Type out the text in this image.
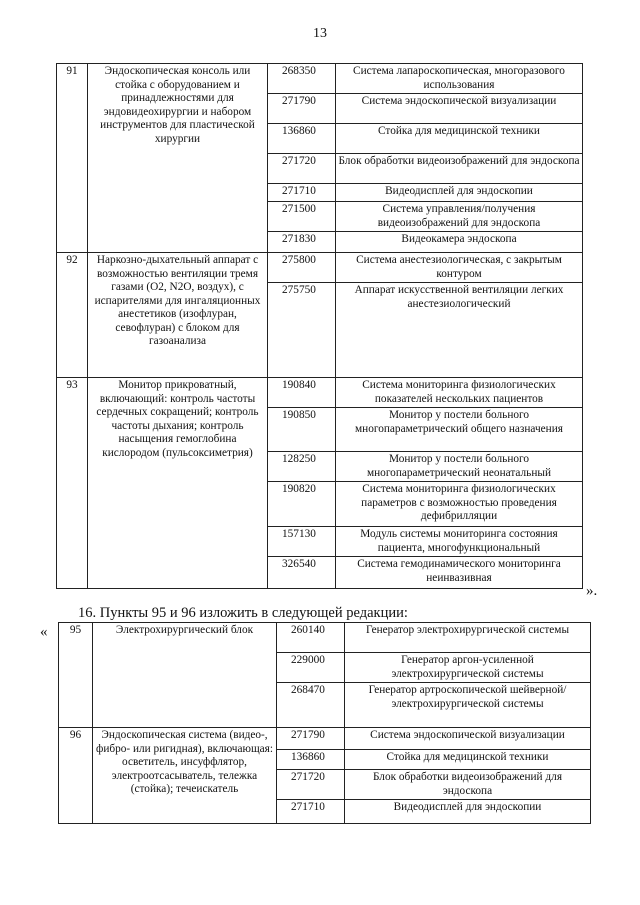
13
91	Эндоскопическая консоль или стойка с оборудованием и принадлежностями для эндовидеохирургии и набором инструментов для пластической хирургии	268350	Система лапароскопическая, многоразового использования
		271790	Система эндоскопической визуализации
		136860	Стойка для медицинской техники
		271720	Блок обработки видеоизображений для эндоскопа
		271710	Видеодисплей для эндоскопии
		271500	Система управления/получения видеоизображений для эндоскопа
		271830	Видеокамера эндоскопа
92	Наркозно-дыхательный аппарат с возможностью вентиляции тремя газами (O2, N2O, воздух), с испарителями для ингаляционных анестетиков (изофлуран, севофлуран) с блоком для газоанализа	275800	Система анестезиологическая, с закрытым контуром
		275750	Аппарат искусственной вентиляции легких анестезиологический
93	Монитор прикроватный, включающий: контроль частоты сердечных сокращений; контроль частоты дыхания; контроль насыщения гемоглобина кислородом (пульсоксиметрия)	190840	Система мониторинга физиологических показателей нескольких пациентов
		190850	Монитор у постели больного многопараметрический общего назначения
		128250	Монитор у постели больного многопараметрический неонатальный
		190820	Система мониторинга физиологических параметров с возможностью проведения дефибрилляции
		157130	Модуль системы мониторинга состояния пациента, многофункциональный
		326540	Система гемодинамического мониторинга неинвазивная
».
16. Пункты 95 и 96 изложить в следующей редакции:
« 95	Электрохирургический блок	260140	Генератор электрохирургической системы
		229000	Генератор аргон-усиленной электрохирургической системы
		268470	Генератор артроскопической шейверной/электрохирургической системы
96	Эндоскопическая система (видео-, фибро- или ригидная), включающая: осветитель, инсуффлятор, электроотсасыватель, тележка (стойка); течеискатель	271790	Система эндоскопической визуализации
		136860	Стойка для медицинской техники
		271720	Блок обработки видеоизображений для эндоскопа
		271710	Видеодисплей для эндоскопии
